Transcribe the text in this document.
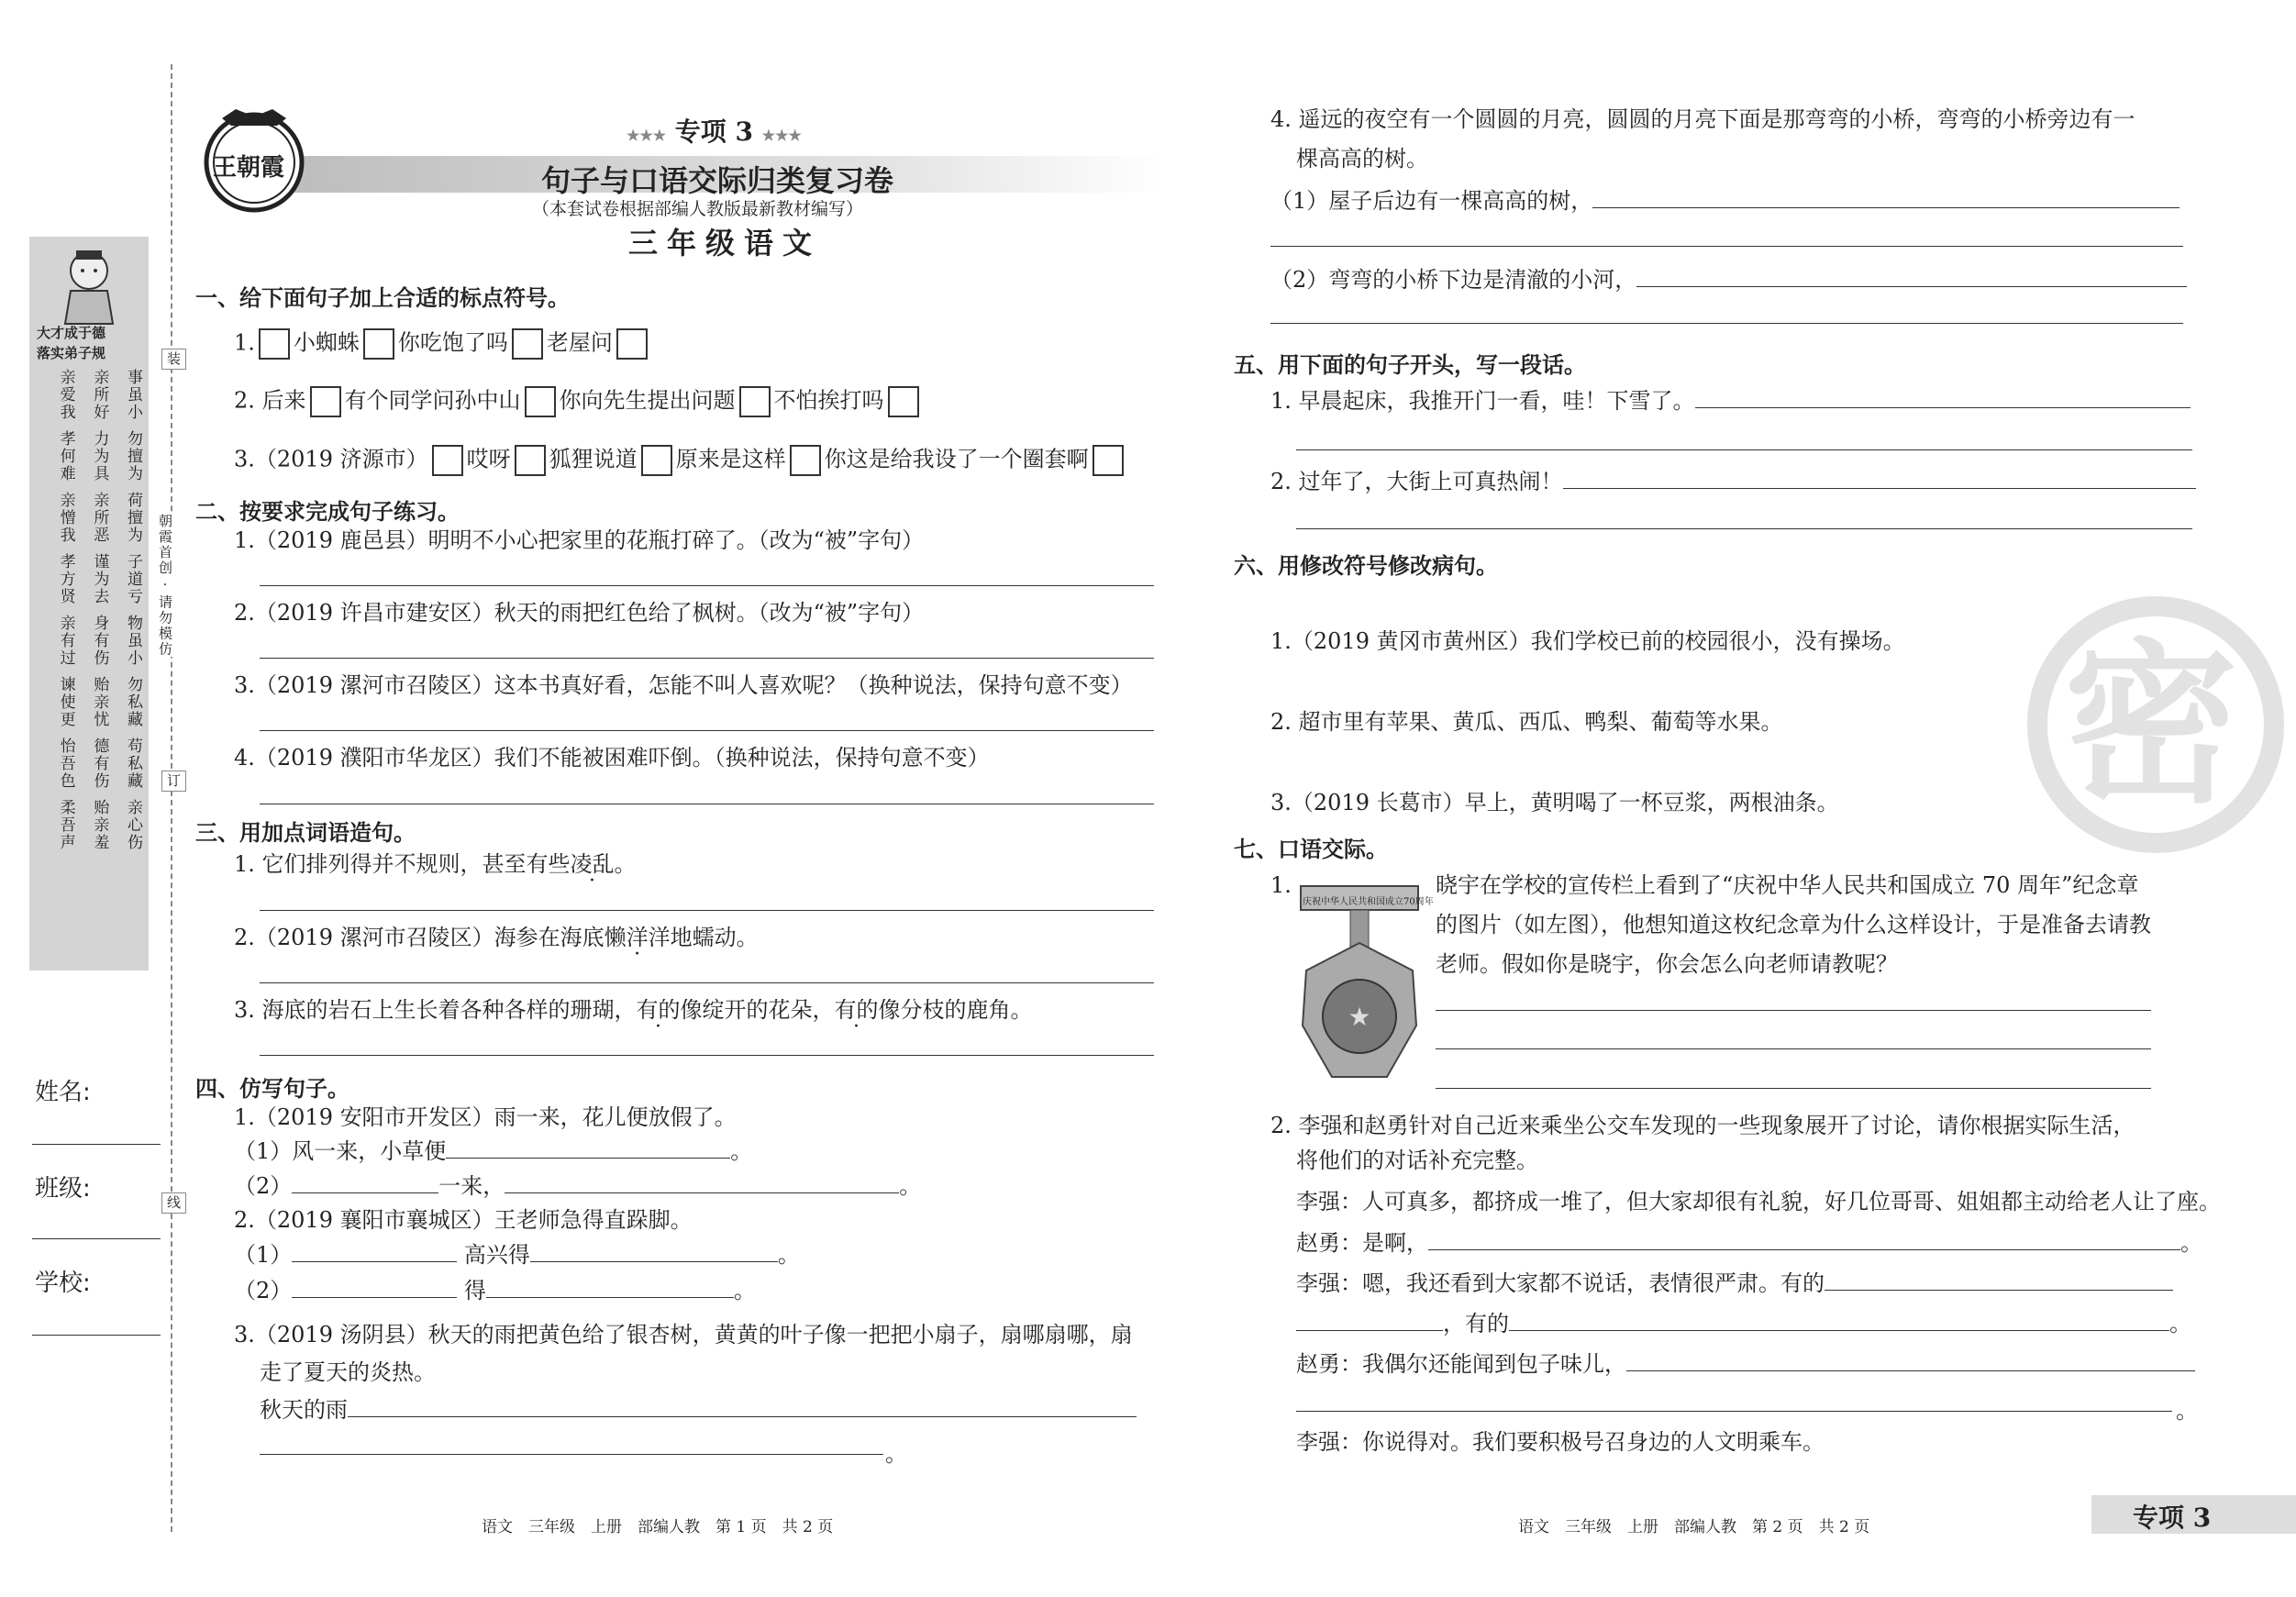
大才成于德
落实弟子规
亲爱我 亲所好 事虽小
孝何难 力为具 勿擅为
亲憎我 亲所恶 荷擅为
孝方贤 谨为去 子道亏
亲有过 身有伤 物虽小
谏使更 贻亲忧 勿私藏
怡吾色 德有伤 苟私藏
柔吾声 贻亲羞 亲心伤
装
订
线
朝霞首创 · 请勿模仿
姓名:
班级:
学校:
王朝霞
★★★ 专项 3 ★★★
句子与口语交际归类复习卷
（本套试卷根据部编人教版最新教材编写）
三年级语文
一、给下面句子加上合适的标点符号。
1. 小蜘蛛 你吃饱了吗 老屋问
2. 后来 有个同学问孙中山 你向先生提出问题 不怕挨打吗
3.（2019 济源市） 哎呀 狐狸说道 原来是这样 你这是给我设了一个圈套啊
二、按要求完成句子练习。
1.（2019 鹿邑县）明明不小心把家里的花瓶打碎了。（改为“被”字句）
2.（2019 许昌市建安区）秋天的雨把红色给了枫树。（改为“被”字句）
3.（2019 漯河市召陵区）这本书真好看，怎能不叫人喜欢呢？（换种说法，保持句意不变）
4.（2019 濮阳市华龙区）我们不能被困难吓倒。（换种说法，保持句意不变）
三、用加点词语造句。
1. 它们排列得并不规则，甚至有些凌乱。
2.（2019 漯河市召陵区）海参在海底懒洋洋地蠕动。
3. 海底的岩石上生长着各种各样的珊瑚，有的像绽开的花朵，有的像分枝的鹿角。
四、仿写句子。
1.（2019 安阳市开发区）雨一来，花儿便放假了。
（1）风一来，小草便	。
（2）	一来，	。
2.（2019 襄阳市襄城区）王老师急得直跺脚。
（1）	高兴得	。
（2）	得	。
3.（2019 汤阴县）秋天的雨把黄色给了银杏树，黄黄的叶子像一把把小扇子，扇哪扇哪，扇
走了夏天的炎热。
秋天的雨
。
语文　三年级　上册　部编人教　第 1 页　共 2 页
4. 遥远的夜空有一个圆圆的月亮，圆圆的月亮下面是那弯弯的小桥，弯弯的小桥旁边有一
棵高高的树。
（1）屋子后边有一棵高高的树，
（2）弯弯的小桥下边是清澈的小河，
五、用下面的句子开头，写一段话。
1. 早晨起床，我推开门一看，哇！下雪了。
2. 过年了，大街上可真热闹！
六、用修改符号修改病句。
1.（2019 黄冈市黄州区）我们学校已前的校园很小，没有操场。
2. 超市里有苹果、黄瓜、西瓜、鸭梨、葡萄等水果。
3.（2019 长葛市）早上，黄明喝了一杯豆浆，两根油条。
七、口语交际。
1.
★
庆祝中华人民共和国成立70周年
晓宇在学校的宣传栏上看到了“庆祝中华人民共和国成立 70 周年”纪念章
的图片（如左图），他想知道这枚纪念章为什么这样设计，于是准备去请教
老师。假如你是晓宇，你会怎么向老师请教呢？
2. 李强和赵勇针对自己近来乘坐公交车发现的一些现象展开了讨论，请你根据实际生活，
将他们的对话补充完整。
李强：人可真多，都挤成一堆了，但大家却很有礼貌，好几位哥哥、姐姐都主动给老人让了座。
赵勇：是啊，	。
李强：嗯，我还看到大家都不说话，表情很严肃。有的
，有的	。
赵勇：我偶尔还能闻到包子味儿，
。
李强：你说得对。我们要积极号召身边的人文明乘车。
语文　三年级　上册　部编人教　第 2 页　共 2 页	专项 3
密
